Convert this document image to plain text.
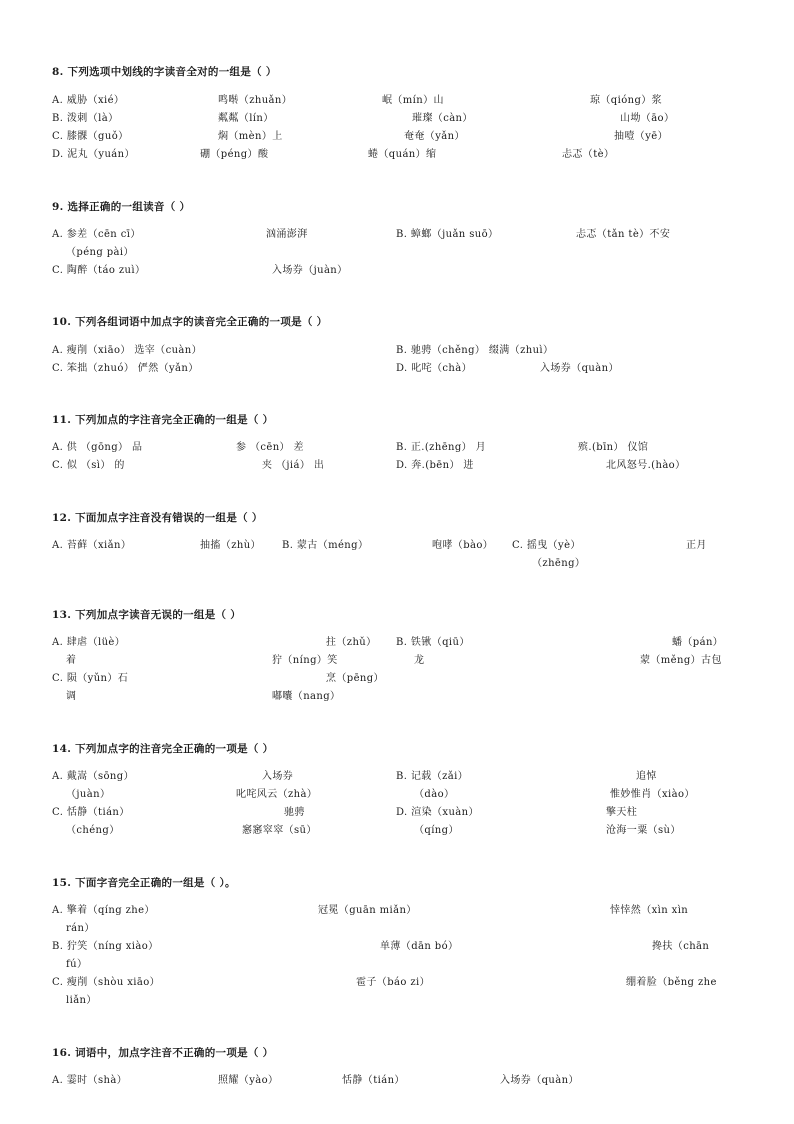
8. 下列选项中划线的字读音全对的一组是（ ）
A. 威胁（xié）	鸣啭（zhuǎn）	岷（mín）山	琼（qióng）浆
B. 泼刺（là）	粼粼（lín）	璀璨（càn）	山坳（āo）
C. 膝髁（guǒ）	焖（mèn）上	奄奄（yǎn）	抽噎（yē）
D. 泥丸（yuán）	硼（péng）酸	蜷（quán）缩	忐忑（tè）
9. 选择正确的一组读音（ ）
A. 参差（cēn cī）	汹涌澎湃	B. 蟑螂（juǎn suō）	忐忑（tǎn tè）不安
（péng pài）
C. 陶醉（táo zuì）	入场券（juàn）
10. 下列各组词语中加点字的读音完全正确的一项是（ ）
A. 瘦削（xiāo） 选宰（cuàn）	B. 驰骋（chěng） 缀满（zhuì）
C. 笨拙（zhuó） 俨然（yǎn）	D. 叱咤（chà）	入场券（quàn）
11. 下列加点的字注音完全正确的一组是（ ）
A. 供 （gōng） 品	参 （cēn） 差	B. 正.(zhēng） 月	殡.(bīn） 仪馆
C. 似 （sì） 的	夹 （jiá） 出	D. 奔.(bēn） 进	北风怒号.(hào）
12. 下面加点字注音没有错误的一组是（ ）
A. 苔藓（xiǎn）	抽搐（zhù） B. 蒙古（méng）	咆哮（bào） C. 摇曳（yè）	正月
（zhēng）
13. 下列加点字读音无误的一组是（ ）
A. 肆虐（lüè）	拄（zhǔ） B. 铁锹（qiū）	蟠（pán）
着	狞（níng）笑	龙	蒙（měng）古包
C. 陨（yǔn）石	烹（pēng）
调	嘟囔（nang）
14. 下列加点字的注音完全正确的一项是（ ）
A. 戴嵩（sōng）	入场券	B. 记载（zǎi）	追悼
（juàn）	叱咤风云（zhà）	（dào）	惟妙惟肖（xiào）
C. 恬静（tián）	驰骋	D. 渲染（xuàn）	擎天柱
（chéng）	窸窸窣窣（sū）	（qíng）	沧海一粟（sù）
15. 下面字音完全正确的一组是（ ）。
A. 擎着（qíng zhe）	冠冕（guān miǎn）	悻悻然（xìn xìn
rán）
B. 狞笑（níng xiào）	单薄（dān bó）	搀扶（chān
fú）
C. 瘦削（shòu xiāo）	雹子（báo zi）	绷着脸（běng zhe
liǎn）
16. 词语中，加点字注音不正确的一项是（ ）
A. 霎时（shà）	照耀（yào）	恬静（tián）	入场券（quàn）
